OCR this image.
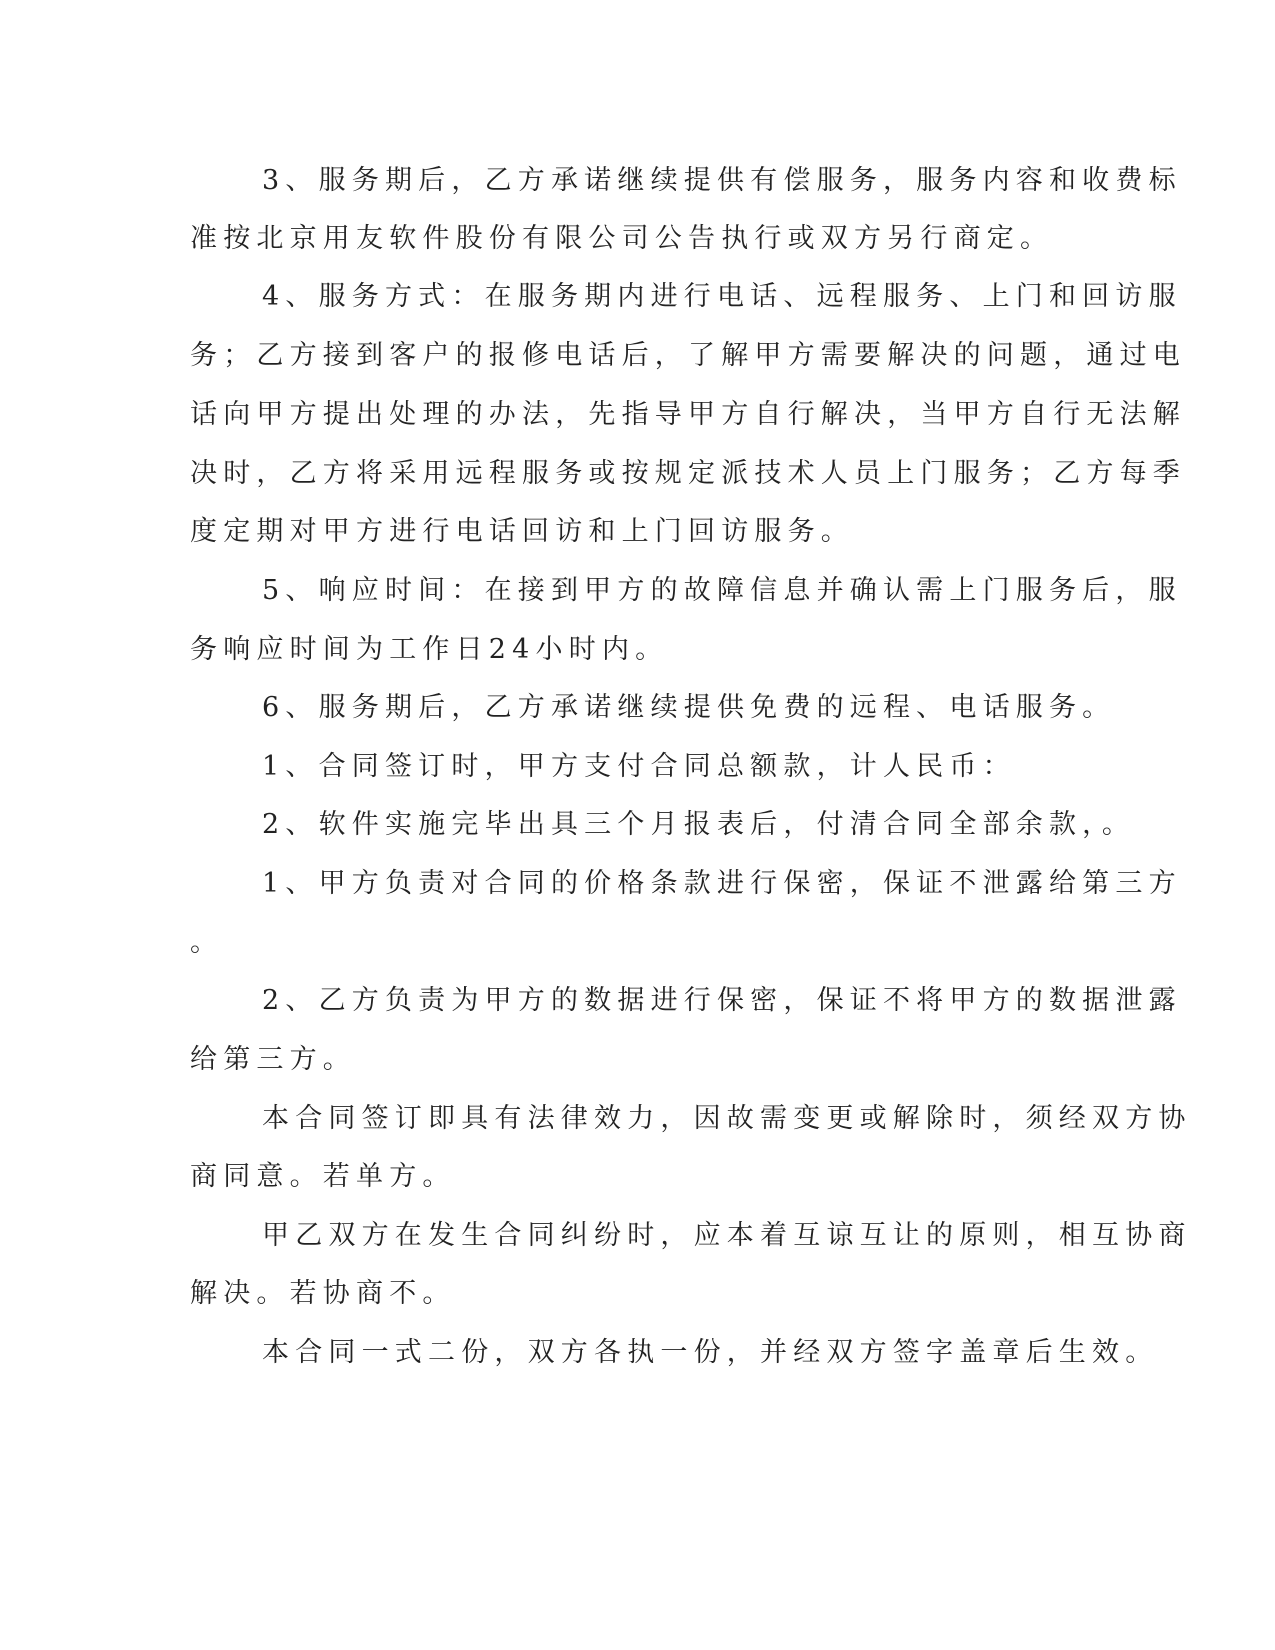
3、服务期后，乙方承诺继续提供有偿服务，服务内容和收费标
准按北京用友软件股份有限公司公告执行或双方另行商定。
4、服务方式：在服务期内进行电话、远程服务、上门和回访服
务；乙方接到客户的报修电话后，了解甲方需要解决的问题，通过电
话向甲方提出处理的办法，先指导甲方自行解决，当甲方自行无法解
决时，乙方将采用远程服务或按规定派技术人员上门服务；乙方每季
度定期对甲方进行电话回访和上门回访服务。
5、响应时间：在接到甲方的故障信息并确认需上门服务后，服
务响应时间为工作日24小时内。
6、服务期后，乙方承诺继续提供免费的远程、电话服务。
1、合同签订时，甲方支付合同总额款，计人民币：
2、软件实施完毕出具三个月报表后，付清合同全部余款，。
1、甲方负责对合同的价格条款进行保密，保证不泄露给第三方
。
2、乙方负责为甲方的数据进行保密，保证不将甲方的数据泄露
给第三方。
本合同签订即具有法律效力，因故需变更或解除时，须经双方协
商同意。若单方。
甲乙双方在发生合同纠纷时，应本着互谅互让的原则，相互协商
解决。若协商不。
本合同一式二份，双方各执一份，并经双方签字盖章后生效。
